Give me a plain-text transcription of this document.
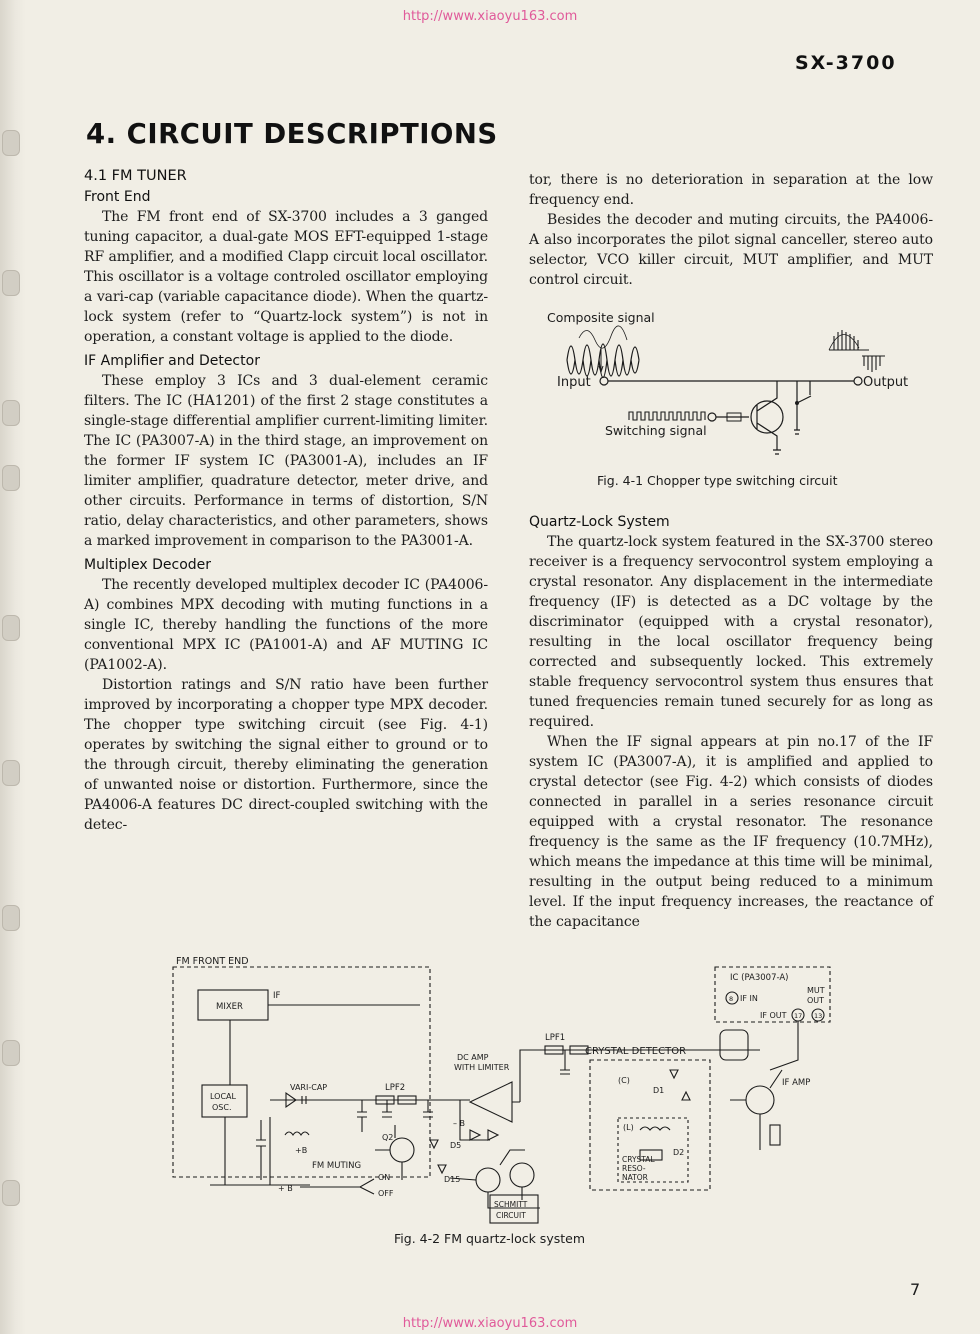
http://www.xiaoyu163.com
SX-3700
4. CIRCUIT DESCRIPTIONS
4.1 FM TUNER
Front End

The FM front end of SX-3700 includes a 3 ganged tuning capacitor, a dual-gate MOS EFT-equipped 1-stage RF amplifier, and a modified Clapp circuit local oscillator. This oscillator is a voltage controled oscillator employing a vari-cap (variable capacitance diode). When the quartz-lock system (refer to “Quartz-lock system”) is not in operation, a constant voltage is applied to the diode.

IF Amplifier and Detector

These employ 3 ICs and 3 dual-element ceramic filters. The IC (HA1201) of the first 2 stage constitutes a single-stage differential amplifier current-limiting limiter. The IC (PA3007-A) in the third stage, an improvement on the former IF system IC (PA3001-A), includes an IF limiter amplifier, quadrature detector, meter drive, and other circuits. Performance in terms of distortion, S/N ratio, delay characteristics, and other parameters, shows a marked improvement in comparison to the PA3001-A.

Multiplex Decoder

The recently developed multiplex decoder IC (PA4006-A) combines MPX decoding with muting functions in a single IC, thereby handling the functions of the more conventional MPX IC (PA1001-A) and AF MUTING IC (PA1002-A).

Distortion ratings and S/N ratio have been further improved by incorporating a chopper type MPX decoder. The chopper type switching circuit (see Fig. 4-1) operates by switching the signal either to ground or to the through circuit, thereby eliminating the generation of unwanted noise or distortion. Furthermore, since the PA4006-A features DC direct-coupled switching with the detec-

tor, there is no deterioration in separation at the low frequency end.

Besides the decoder and muting circuits, the PA4006-A also incorporates the pilot signal canceller, stereo auto selector, VCO killer circuit, MUT amplifier, and MUT control circuit.

Composite signal
Input	Output
Switching signal
Fig. 4-1 Chopper type switching circuit
Quartz-Lock System

The quartz-lock system featured in the SX-3700 stereo receiver is a frequency servocontrol system employing a crystal resonator. Any displacement in the intermediate frequency (IF) is detected as a DC voltage by the discriminator (equipped with a crystal resonator), resulting in the local oscillator frequency being corrected and subsequently locked. This extremely stable frequency servocontrol system thus ensures that tuned frequencies remain tuned securely for as long as required.

When the IF signal appears at pin no.17 of the IF system IC (PA3007-A), it is amplified and applied to crystal detector (see Fig. 4-2) which consists of diodes connected in parallel in a series resonance circuit equipped with a crystal resonator. The resonance frequency is the same as the IF frequency (10.7MHz), which means the impedance at this time will be minimal, resulting in the output being reduced to a minimum level. If the input frequency increases, the reactance of the capacitance

FM FRONT END
MIXER
IF
LOCAL
OSC.
VARI-CAP	LPF2
DC AMP
WITH LIMITER
LPF1
CRYSTAL DETECTOR
(C)
D1
D2
(L)
CRYSTAL
RESO-
NATOR
IC (PA3007-A)
8 IF IN
IF OUT 17 13
MUT
OUT
IF AMP
FM MUTING
ON
OFF
+ B
+B
– B
Q2
D5
D15
SCHMITT
CIRCUIT
Fig. 4-2 FM quartz-lock system
7
http://www.xiaoyu163.com
